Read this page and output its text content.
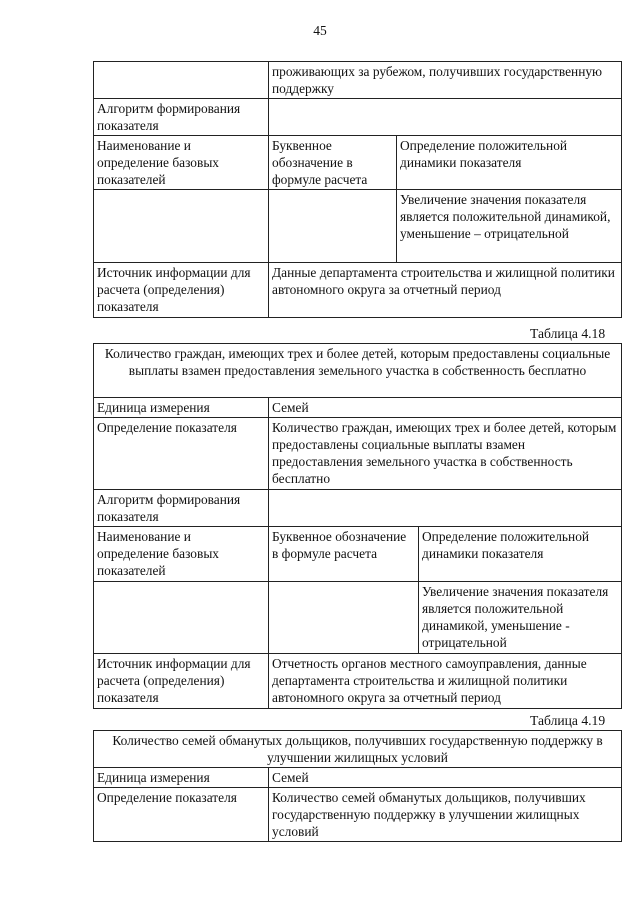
45
	проживающих за рубежом, получивших государственную поддержку	
Алгоритм формирования показателя		
Наименование и определение базовых показателей	Буквенное обозначение в формуле расчета	Определение положительной динамики показателя
		Увеличение значения показателя является положительной динамикой, уменьшение – отрицательной
Источник информации для расчета (определения) показателя	Данные департамента строительства и жилищной политики автономного округа за отчетный период	
Таблица 4.18
Количество граждан, имеющих трех и более детей, которым предоставлены социальные выплаты взамен предоставления земельного участка в собственность бесплатно		
Единица измерения	Семей	
Определение показателя	Количество граждан, имеющих трех и более детей, которым предоставлены социальные выплаты взамен предоставления земельного участка в собственность бесплатно	
Алгоритм формирования показателя		
Наименование и определение базовых показателей	Буквенное обозначение в формуле расчета	Определение положительной динамики показателя
		Увеличение значения показателя является положительной динамикой, уменьшение - отрицательной
Источник информации для расчета (определения) показателя	Отчетность органов местного самоуправления, данные департамента строительства и жилищной политики автономного округа за отчетный период	
Таблица 4.19
Количество семей обманутых дольщиков, получивших государственную поддержку в улучшении жилищных условий	
Единица измерения	Семей
Определение показателя	Количество семей обманутых дольщиков, получивших государственную поддержку в улучшении жилищных условий
